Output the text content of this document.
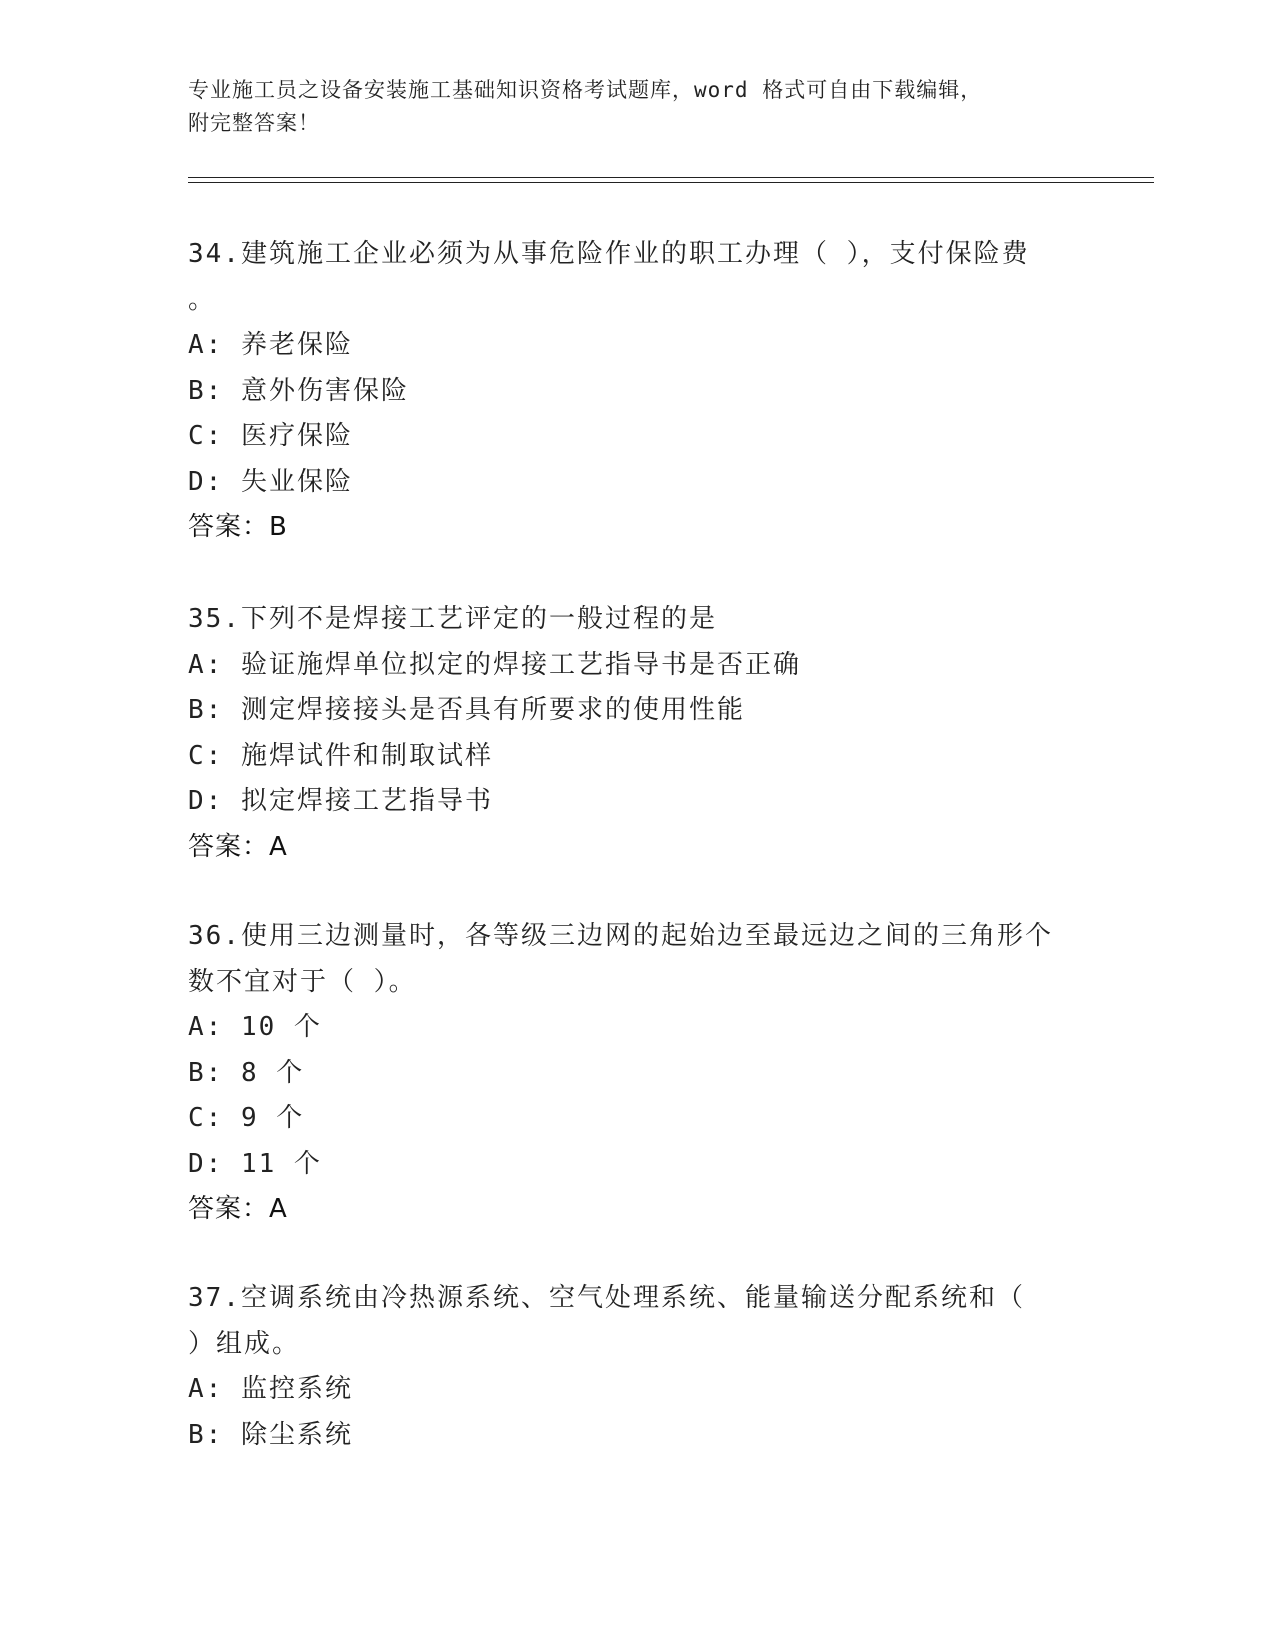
专业施工员之设备安装施工基础知识资格考试题库，word 格式可自由下载编辑，
附完整答案！
34.建筑施工企业必须为从事危险作业的职工办理（ ），支付保险费
。
A: 养老保险
B: 意外伤害保险
C: 医疗保险
D: 失业保险
答案：B
35.下列不是焊接工艺评定的一般过程的是
A: 验证施焊单位拟定的焊接工艺指导书是否正确
B: 测定焊接接头是否具有所要求的使用性能
C: 施焊试件和制取试样
D: 拟定焊接工艺指导书
答案：A
36.使用三边测量时，各等级三边网的起始边至最远边之间的三角形个
数不宜对于（ ）。
A: 10 个
B: 8 个
C: 9 个
D: 11 个
答案：A
37.空调系统由冷热源系统、空气处理系统、能量输送分配系统和（
）组成。
A: 监控系统
B: 除尘系统
